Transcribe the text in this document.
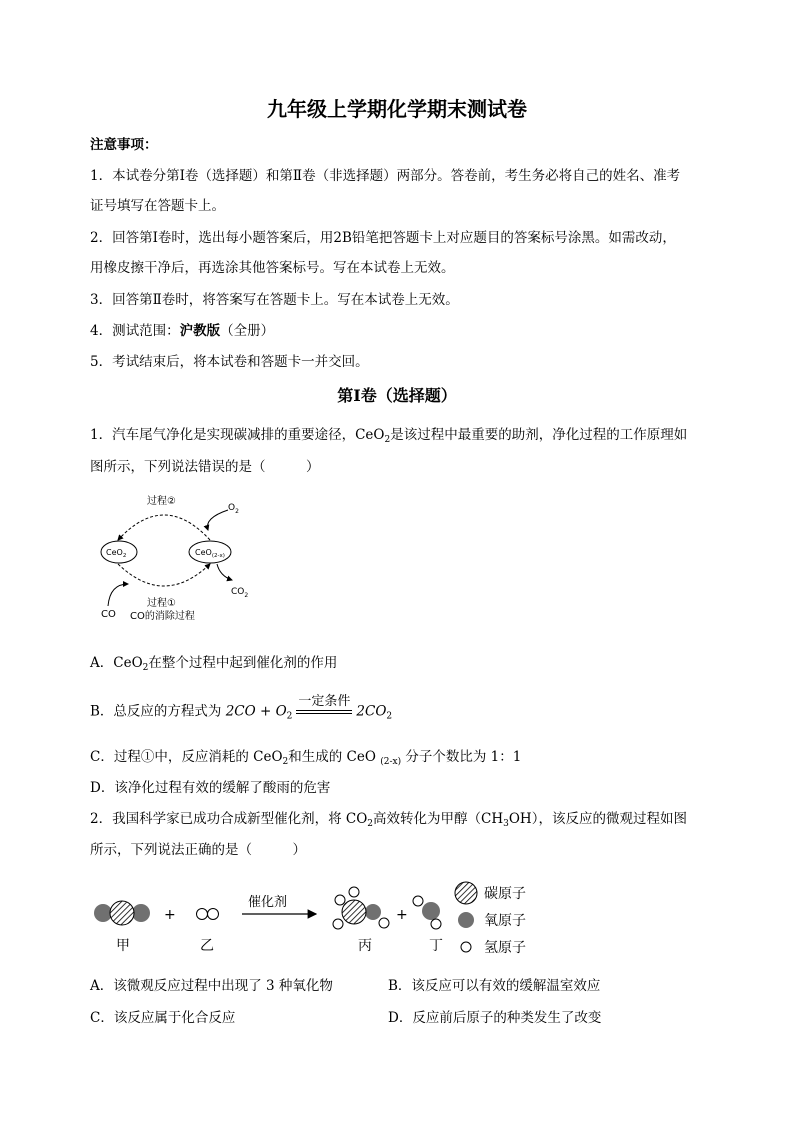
九年级上学期化学期末测试卷
注意事项：
1．本试卷分第Ⅰ卷（选择题）和第Ⅱ卷（非选择题）两部分。答卷前，考生务必将自己的姓名、准考
证号填写在答题卡上。
2．回答第Ⅰ卷时，选出每小题答案后，用2B铅笔把答题卡上对应题目的答案标号涂黑。如需改动，
用橡皮擦干净后，再选涂其他答案标号。写在本试卷上无效。
3．回答第Ⅱ卷时，将答案写在答题卡上。写在本试卷上无效。
4．测试范围：沪教版（全册）
5．考试结束后，将本试卷和答题卡一并交回。
第Ⅰ卷（选择题）
1．汽车尾气净化是实现碳减排的重要途径，CeO$_2$是该过程中最重要的助剂，净化过程的工作原理如
图所示，下列说法错误的是（　　　）
过程②
$O_2$
CeO$_2$	CeO$_{(2-x)}$
$CO_2$
CO
过程①
CO的消除过程
A．CeO$_2$在整个过程中起到催化剂的作用
B．总反应的方程式为 $2CO + O_2$
一定条件
$2CO_2$
C．过程①中，反应消耗的 CeO$_2$和生成的 CeO $_{(2-x)}$ 分子个数比为 1：1
D．该净化过程有效的缓解了酸雨的危害
2．我国科学家已成功合成新型催化剂，将 $CO_2$高效转化为甲醇$(CH_3OH)$，该反应的微观过程如图
所示，下列说法正确的是（　　　）
甲
+
乙
催化剂
丙
+
丁
碳原子
氧原子
氢原子
A．该微观反应过程中出现了 3 种氧化物	B．该反应可以有效的缓解温室效应
C．该反应属于化合反应	D．反应前后原子的种类发生了改变
